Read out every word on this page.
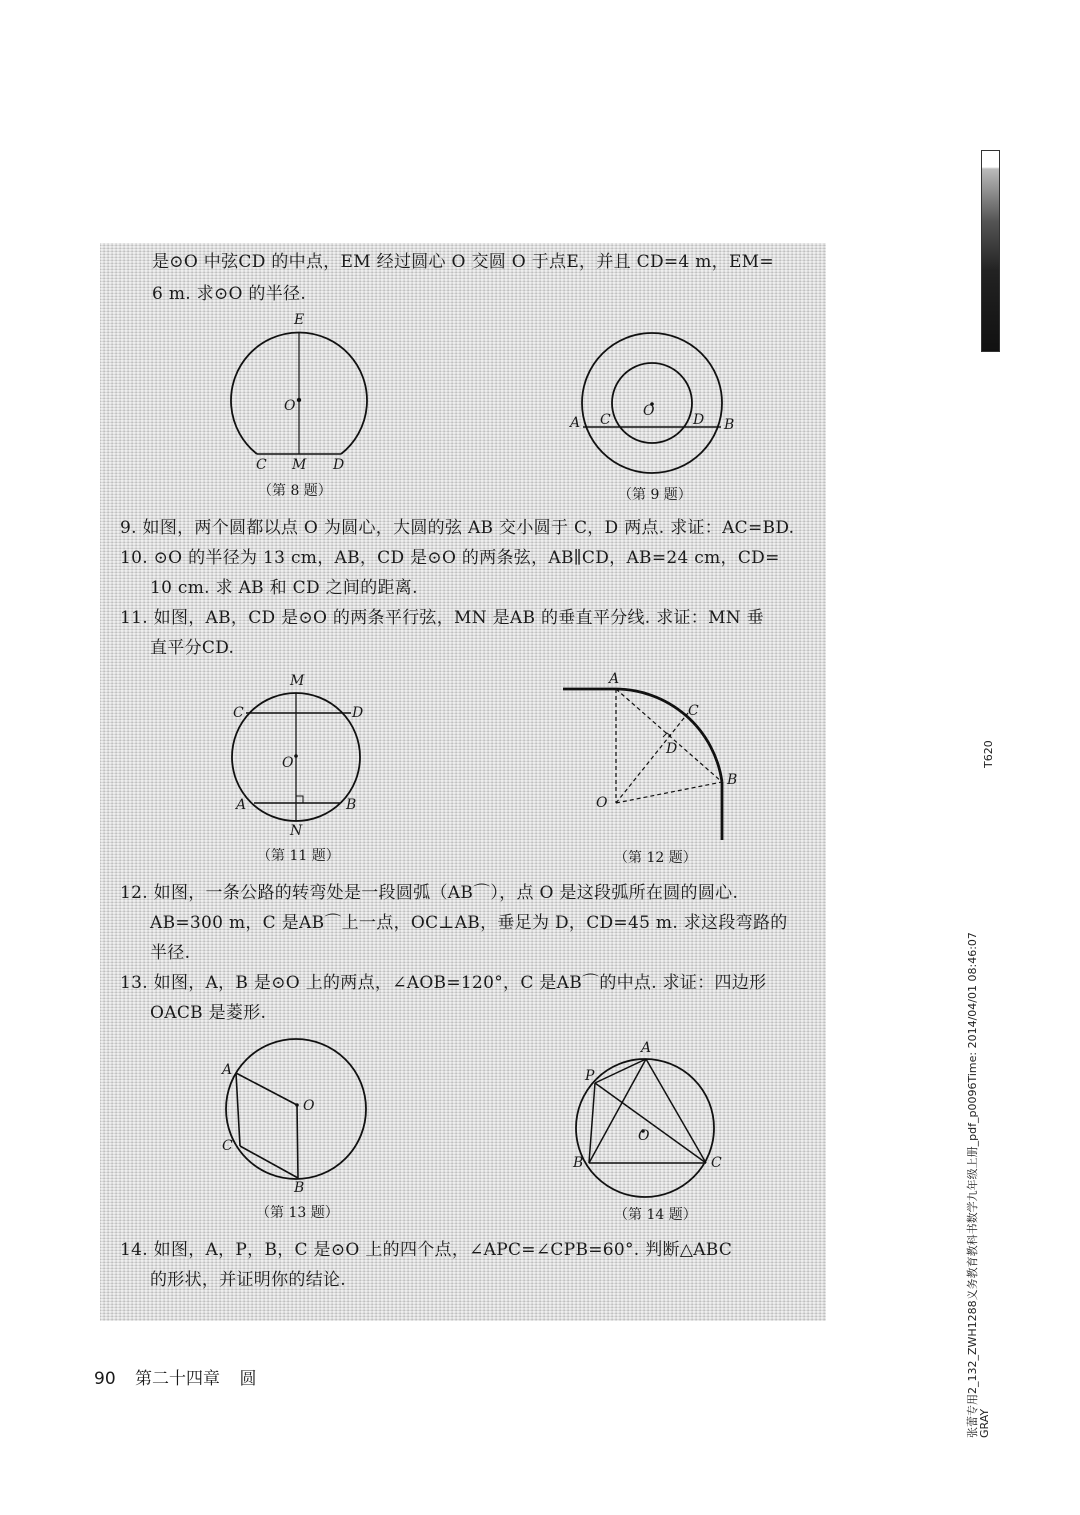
是⊙O 中弦CD 的中点，EM 经过圆心 O 交圆 O 于点E，并且 CD=4 m，EM=
6 m. 求⊙O 的半径.
E
O
C M D
（第 8 题）
A C
O
D B
（第 9 题）
9. 如图，两个圆都以点 O 为圆心，大圆的弦 AB 交小圆于 C，D 两点. 求证：AC=BD.
10. ⊙O 的半径为 13 cm，AB，CD 是⊙O 的两条弦，AB∥CD，AB=24 cm，CD=
10 cm. 求 AB 和 CD 之间的距离.
11. 如图，AB，CD 是⊙O 的两条平行弦，MN 是AB 的垂直平分线. 求证：MN 垂
直平分CD.
M
C	D
O
A	B
N
（第 11 题）
A
C
D
B
O
（第 12 题）
12. 如图，一条公路的转弯处是一段圆弧（AB⌒），点 O 是这段弧所在圆的圆心.
AB=300 m，C 是AB⌒上一点，OC⊥AB，垂足为 D，CD=45 m. 求这段弯路的
半径.
13. 如图，A，B 是⊙O 上的两点，∠AOB=120°，C 是AB⌒的中点. 求证：四边形
OACB 是菱形.
A
O
C
B
（第 13 题）
A
P
O
B	C
（第 14 题）
14. 如图，A，P，B，C 是⊙O 上的四个点，∠APC=∠CPB=60°. 判断△ABC
的形状，并证明你的结论.
90 第二十四章 圆
T620
张蕾专用2_132_ZWH1288义务教育教科书数学九年级上册_pdf_p0096Time: 2014/04/01 08:46:07 GRAY
